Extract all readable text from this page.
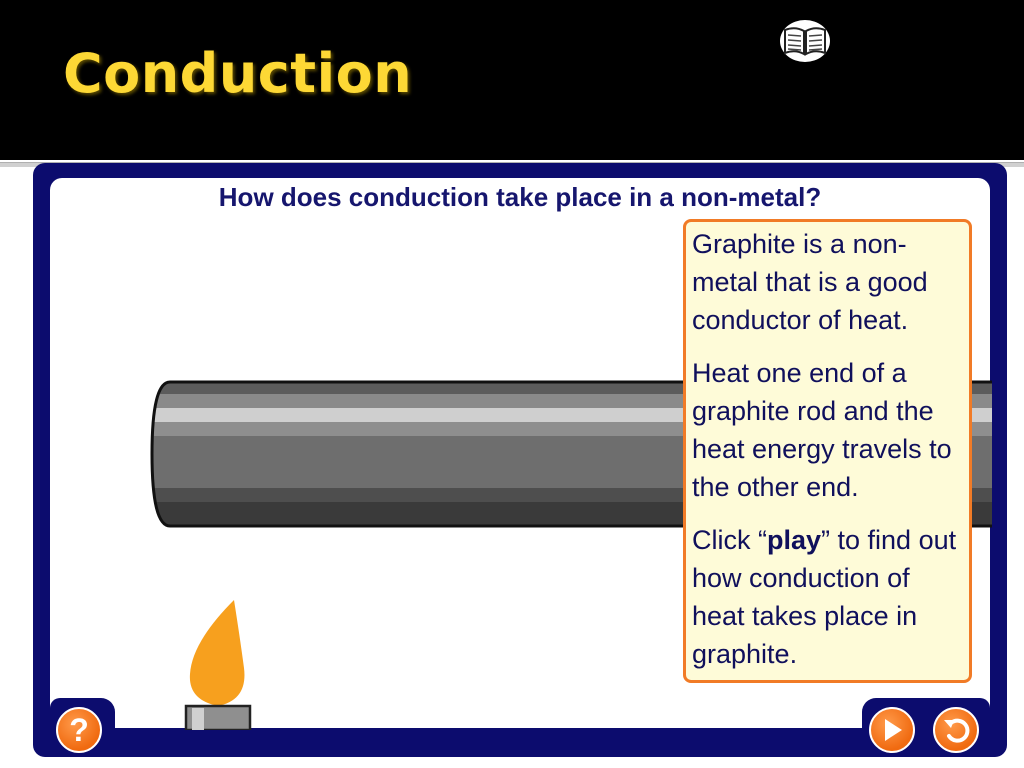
Conduction
How does conduction take place in a non-metal?

Graphite is a non-metal that is a good conductor of heat.

Heat one end of a graphite rod and the heat energy travels to the other end.

Click “play” to find out how conduction of heat takes place in graphite.

?
